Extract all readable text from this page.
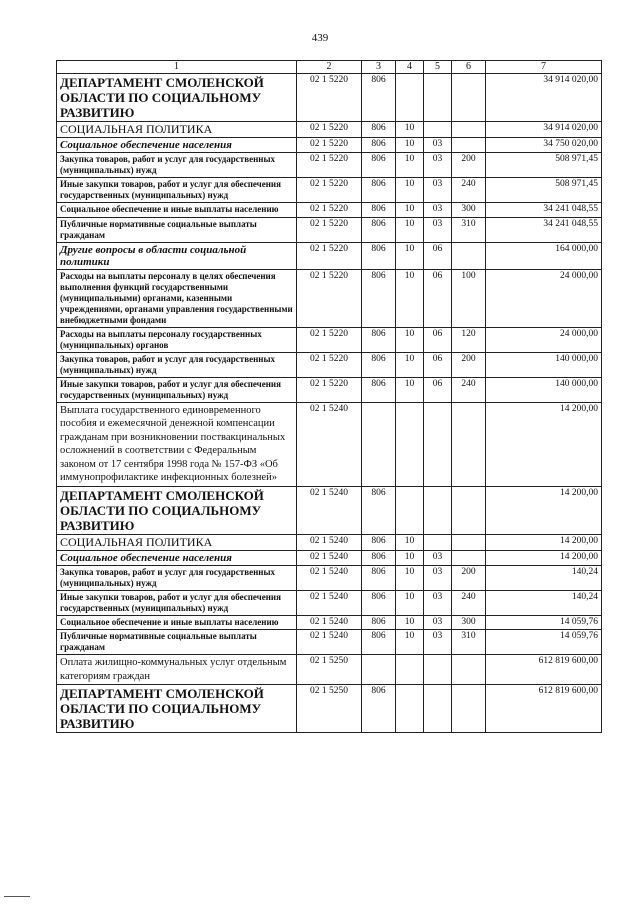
439
1	2	3	4	5	6	7
ДЕПАРТАМЕНТ СМОЛЕНСКОЙ ОБЛАСТИ ПО СОЦИАЛЬНОМУ РАЗВИТИЮ	02 1 5220	806				34 914 020,00
СОЦИАЛЬНАЯ ПОЛИТИКА	02 1 5220	806	10			34 914 020,00
Социальное обеспечение населения	02 1 5220	806	10	03		34 750 020,00
Закупка товаров, работ и услуг для государственных (муниципальных) нужд	02 1 5220	806	10	03	200	508 971,45
Иные закупки товаров, работ и услуг для обеспечения государственных (муниципальных) нужд	02 1 5220	806	10	03	240	508 971,45
Социальное обеспечение и иные выплаты населению	02 1 5220	806	10	03	300	34 241 048,55
Публичные нормативные социальные выплаты гражданам	02 1 5220	806	10	03	310	34 241 048,55
Другие вопросы в области социальной политики	02 1 5220	806	10	06		164 000,00
Расходы на выплаты персоналу в целях обеспечения выполнения функций государственными (муниципальными) органами, казенными учреждениями, органами управления государственными внебюджетными фондами	02 1 5220	806	10	06	100	24 000,00
Расходы на выплаты персоналу государственных (муниципальных) органов	02 1 5220	806	10	06	120	24 000,00
Закупка товаров, работ и услуг для государственных (муниципальных) нужд	02 1 5220	806	10	06	200	140 000,00
Иные закупки товаров, работ и услуг для обеспечения государственных (муниципальных) нужд	02 1 5220	806	10	06	240	140 000,00
Выплата государственного единовременного пособия и ежемесячной денежной компенсации гражданам при возникновении поствакцинальных осложнений в соответствии с Федеральным законом от 17 сентября 1998 года № 157-ФЗ «Об иммунопрофилактике инфекционных болезней»	02 1 5240					14 200,00
ДЕПАРТАМЕНТ СМОЛЕНСКОЙ ОБЛАСТИ ПО СОЦИАЛЬНОМУ РАЗВИТИЮ	02 1 5240	806				14 200,00
СОЦИАЛЬНАЯ ПОЛИТИКА	02 1 5240	806	10			14 200,00
Социальное обеспечение населения	02 1 5240	806	10	03		14 200,00
Закупка товаров, работ и услуг для государственных (муниципальных) нужд	02 1 5240	806	10	03	200	140,24
Иные закупки товаров, работ и услуг для обеспечения государственных (муниципальных) нужд	02 1 5240	806	10	03	240	140,24
Социальное обеспечение и иные выплаты населению	02 1 5240	806	10	03	300	14 059,76
Публичные нормативные социальные выплаты гражданам	02 1 5240	806	10	03	310	14 059,76
Оплата жилищно-коммунальных услуг отдельным категориям граждан	02 1 5250					612 819 600,00
ДЕПАРТАМЕНТ СМОЛЕНСКОЙ ОБЛАСТИ ПО СОЦИАЛЬНОМУ РАЗВИТИЮ	02 1 5250	806				612 819 600,00
